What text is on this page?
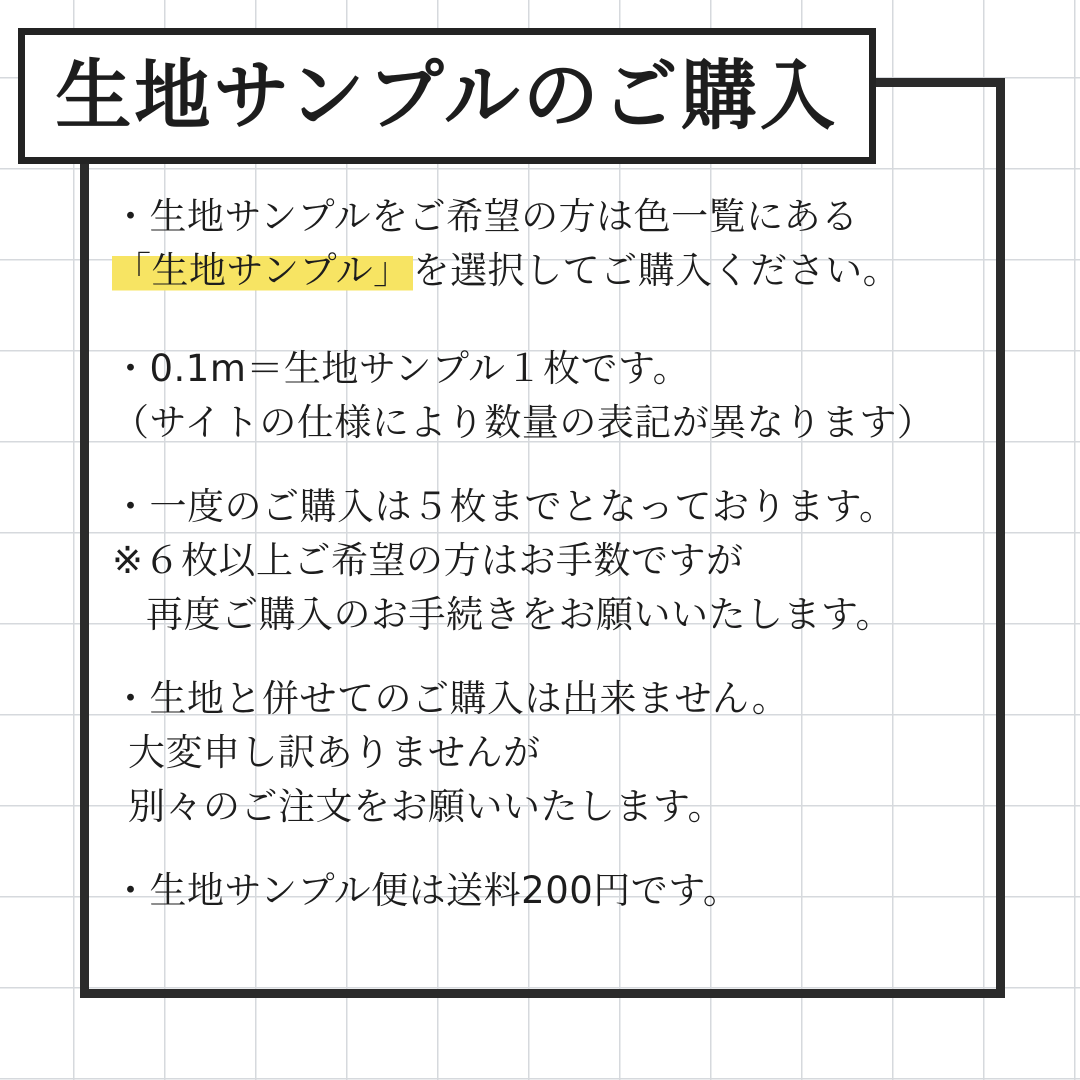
生地サンプルのご購入
・生地サンプルをご希望の方は色一覧にある
「生地サンプル」を選択してご購入ください。
・0.1m＝生地サンプル１枚です。
（サイトの仕様により数量の表記が異なります）
・一度のご購入は５枚までとなっております。
※６枚以上ご希望の方はお手数ですが
再度ご購入のお手続きをお願いいたします。
・生地と併せてのご購入は出来ません。
大変申し訳ありませんが
別々のご注文をお願いいたします。
・生地サンプル便は送料200円です。
